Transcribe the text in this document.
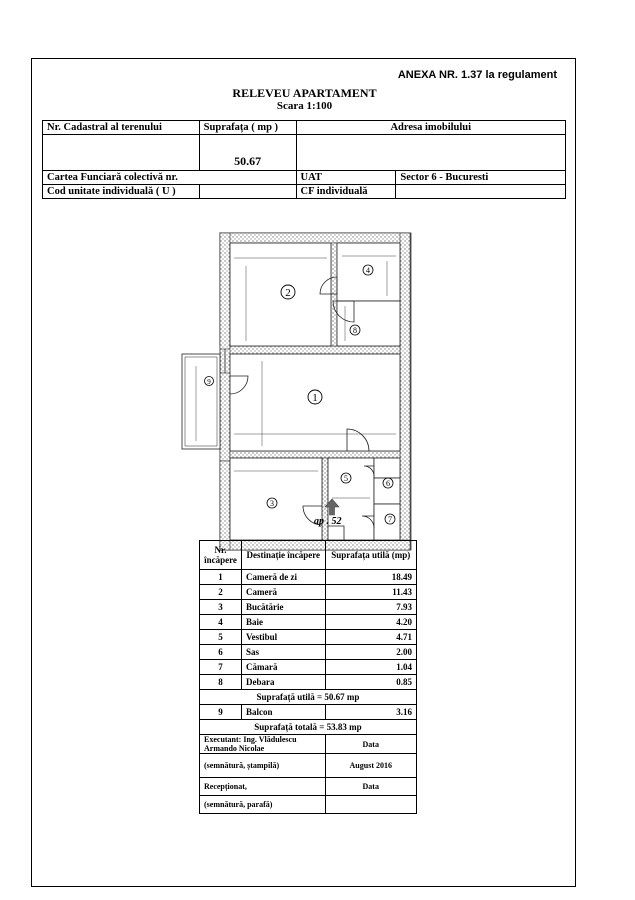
ANEXA NR. 1.37 la regulament
RELEVEU APARTAMENT
Scara 1:100
Nr. Cadastral al terenului	Suprafața ( mp )	Adresa imobilului	
	50.67		
Cartea Funciară colectivă nr.		UAT	Sector 6 - Bucuresti
Cod unitate individuală ( U )		CF individuală	
1
2
3
4
5
6
7
8
9
ap . 52
Nr. încăpere	Destinație încăpere	Suprafața utilă (mp)
1	Cameră de zi	18.49
2	Cameră	11.43
3	Bucătărie	7.93
4	Baie	4.20
5	Vestibul	4.71
6	Sas	2.00
7	Cămară	1.04
8	Debara	0.85
Suprafață utilă = 50.67 mp		
9	Balcon	3.16
Suprafață totală = 53.83 mp		
Executant: Ing. Vlădulescu Armando Nicolae		Data
(semnătură, ștampilă)		August 2016
Recepționat,		Data
(semnătură, parafă)		
